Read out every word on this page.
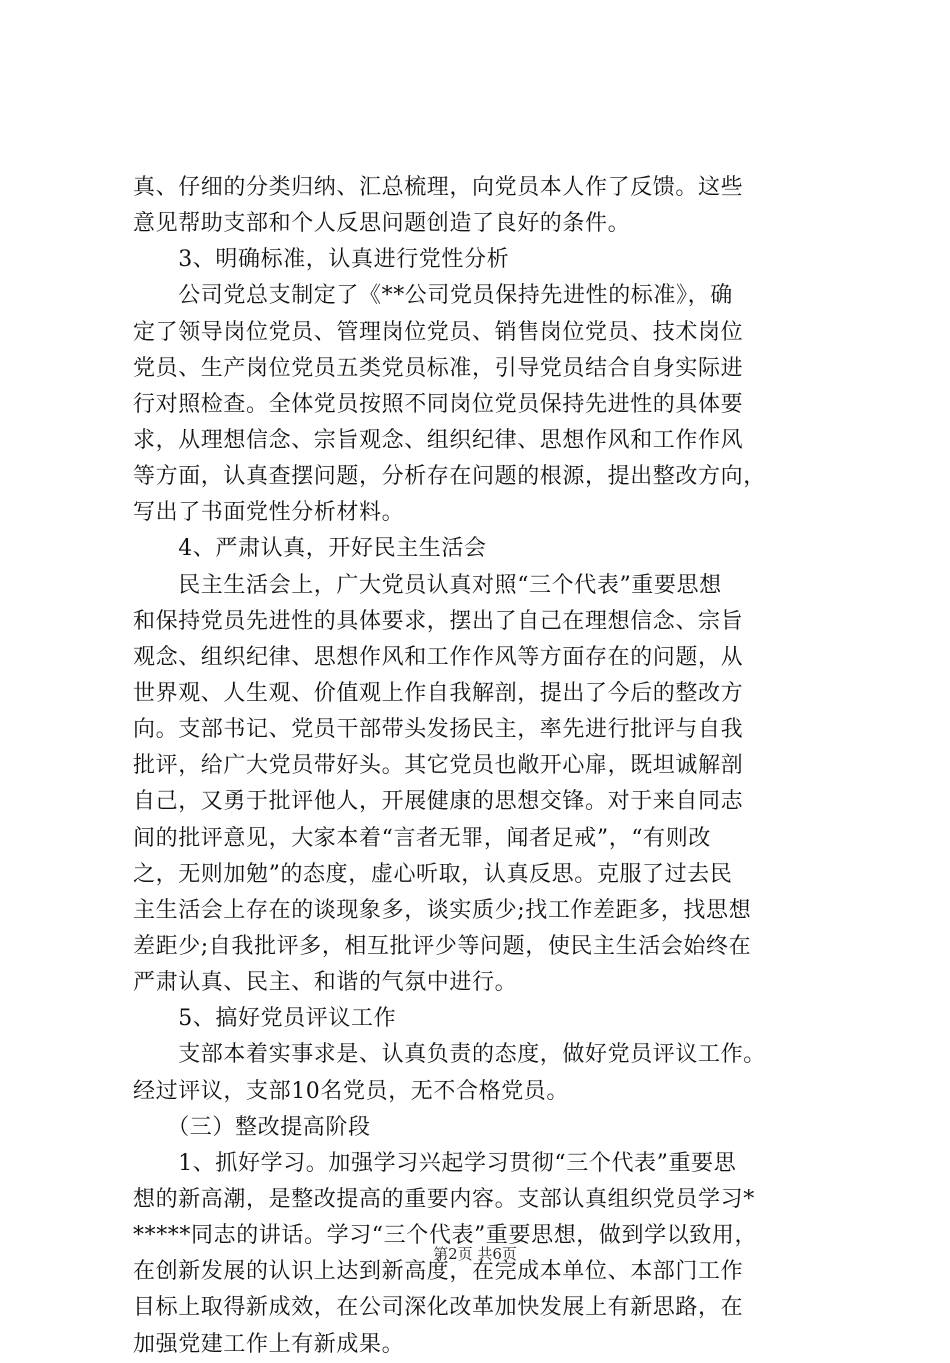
真、仔细的分类归纳、汇总梳理，向党员本人作了反馈。这些
意见帮助支部和个人反思问题创造了良好的条件。
　　3、明确标准，认真进行党性分析
　　公司党总支制定了《**公司党员保持先进性的标准》，确
定了领导岗位党员、管理岗位党员、销售岗位党员、技术岗位
党员、生产岗位党员五类党员标准，引导党员结合自身实际进
行对照检查。全体党员按照不同岗位党员保持先进性的具体要
求，从理想信念、宗旨观念、组织纪律、思想作风和工作作风
等方面，认真查摆问题，分析存在问题的根源，提出整改方向，
写出了书面党性分析材料。
　　4、严肃认真，开好民主生活会
　　民主生活会上，广大党员认真对照“三个代表”重要思想
和保持党员先进性的具体要求，摆出了自己在理想信念、宗旨
观念、组织纪律、思想作风和工作作风等方面存在的问题，从
世界观、人生观、价值观上作自我解剖，提出了今后的整改方
向。支部书记、党员干部带头发扬民主，率先进行批评与自我
批评，给广大党员带好头。其它党员也敞开心扉，既坦诚解剖
自己，又勇于批评他人，开展健康的思想交锋。对于来自同志
间的批评意见，大家本着“言者无罪，闻者足戒”，“有则改
之，无则加勉”的态度，虚心听取，认真反思。克服了过去民
主生活会上存在的谈现象多，谈实质少;找工作差距多，找思想
差距少;自我批评多，相互批评少等问题，使民主生活会始终在
严肃认真、民主、和谐的气氛中进行。
　　5、搞好党员评议工作
　　支部本着实事求是、认真负责的态度，做好党员评议工作。
经过评议，支部10名党员，无不合格党员。
　　（三）整改提高阶段
　　1、抓好学习。加强学习兴起学习贯彻“三个代表”重要思
想的新高潮，是整改提高的重要内容。支部认真组织党员学习*
*****同志的讲话。学习“三个代表”重要思想，做到学以致用，
在创新发展的认识上达到新高度，在完成本单位、本部门工作
目标上取得新成效，在公司深化改革加快发展上有新思路，在
加强党建工作上有新成果。
第2页 共6页
